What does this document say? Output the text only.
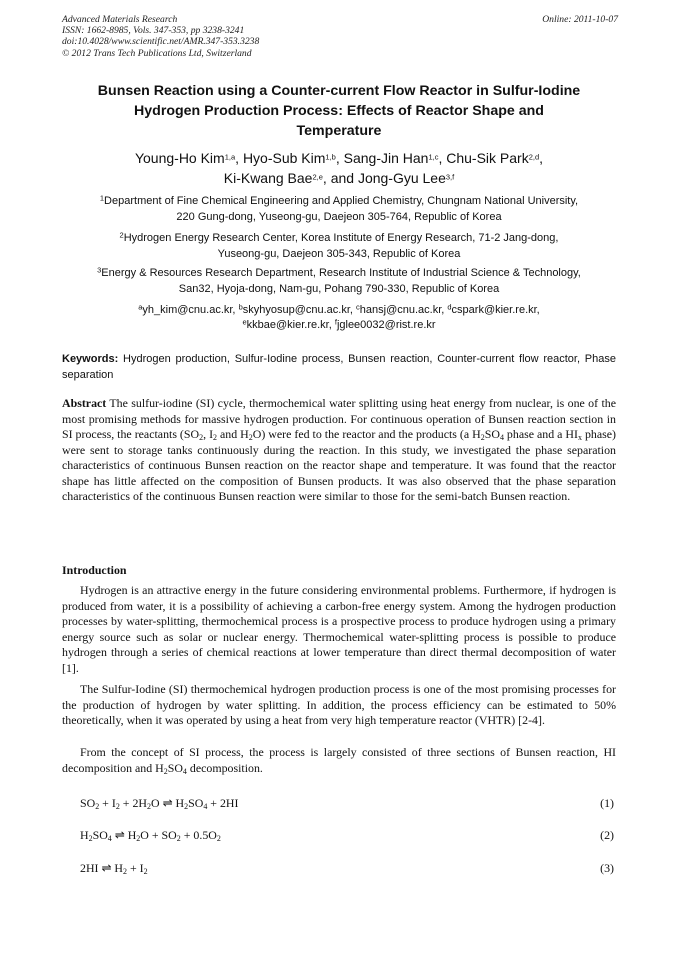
Advanced Materials Research
ISSN: 1662-8985, Vols. 347-353, pp 3238-3241
doi:10.4028/www.scientific.net/AMR.347-353.3238
© 2012 Trans Tech Publications Ltd, Switzerland
Online: 2011-10-07
Bunsen Reaction using a Counter-current Flow Reactor in Sulfur-Iodine
Hydrogen Production Process: Effects of Reactor Shape and
Temperature
Young-Ho Kim$^{1,a}$, Hyo-Sub Kim$^{1,b}$, Sang-Jin Han$^{1,c}$, Chu-Sik Park$^{2,d}$,
Ki-Kwang Bae$^{2,e}$, and Jong-Gyu Lee$^{3,f}$
$^1$Department of Fine Chemical Engineering and Applied Chemistry, Chungnam National University,
220 Gung-dong, Yuseong-gu, Daejeon 305-764, Republic of Korea
$^2$Hydrogen Energy Research Center, Korea Institute of Energy Research, 71-2 Jang-dong,
Yuseong-gu, Daejeon 305-343, Republic of Korea
$^3$Energy & Resources Research Department, Research Institute of Industrial Science & Technology,
San32, Hyoja-dong, Nam-gu, Pohang 790-330, Republic of Korea
$^a$yh_kim@cnu.ac.kr, $^b$skyhyosup@cnu.ac.kr, $^c$hansj@cnu.ac.kr, $^d$cspark@kier.re.kr,
$^e$kkbae@kier.re.kr, $^f$jglee0032@rist.re.kr
Keywords: Hydrogen production, Sulfur-Iodine process, Bunsen reaction, Counter-current flow reactor, Phase separation
Abstract The sulfur-iodine (SI) cycle, thermochemical water splitting using heat energy from nuclear, is one of the most promising methods for massive hydrogen production. For continuous operation of Bunsen reaction section in SI process, the reactants ($SO_2$, $I_2$ and $H_2O$) were fed to the reactor and the products (a $H_2SO_4$ phase and a $HI_x$ phase) were sent to storage tanks continuously during the reaction. In this study, we investigated the phase separation characteristics of continuous Bunsen reaction on the reactor shape and temperature. It was found that the reactor shape has little affected on the composition of Bunsen products. It was also observed that the phase separation characteristics of the continuous Bunsen reaction were similar to those for the semi-batch Bunsen reaction.
Introduction
Hydrogen is an attractive energy in the future considering environmental problems. Furthermore, if hydrogen is produced from water, it is a possibility of achieving a carbon-free energy system. Among the hydrogen production processes by water-splitting, thermochemical process is a prospective process to produce hydrogen using a primary energy source such as solar or nuclear energy. Thermochemical water-splitting process is possible to produce hydrogen through a series of chemical reactions at lower temperature than direct thermal decomposition of water [1].
The Sulfur-Iodine (SI) thermochemical hydrogen production process is one of the most promising processes for the production of hydrogen by water splitting. In addition, the process efficiency can be estimated to 50% theoretically, when it was operated by using a heat from very high temperature reactor (VHTR) [2-4].
From the concept of SI process, the process is largely consisted of three sections of Bunsen reaction, HI decomposition and $H_2SO_4$ decomposition.
$SO_2 + I_2 + 2H_2O$ ⇌ $H_2SO_4 + 2HI$	(1)
$H_2SO_4$ ⇌ $H_2O + SO_2 + 0.5O_2$	(2)
2HI ⇌ $H_2 + I_2$	(3)
